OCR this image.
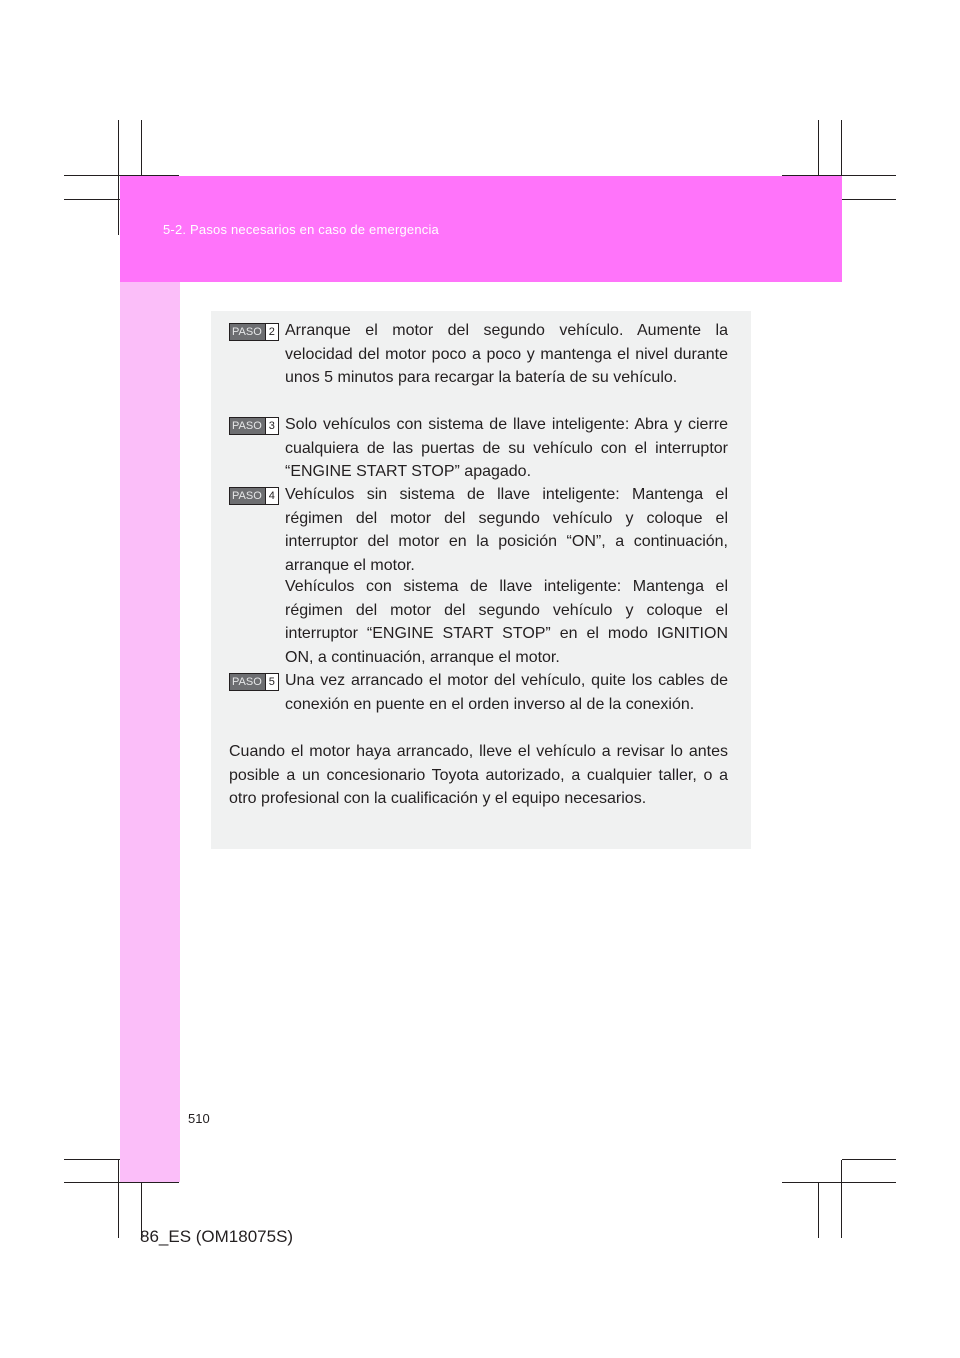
5-2. Pasos necesarios en caso de emergencia
PASO 2 Arranque el motor del segundo vehículo. Aumente la velocidad del motor poco a poco y mantenga el nivel durante unos 5 minutos para recargar la batería de su vehículo.
PASO 3 Solo vehículos con sistema de llave inteligente: Abra y cierre cualquiera de las puertas de su vehículo con el interruptor “ENGINE START STOP” apagado.
PASO 4 Vehículos sin sistema de llave inteligente: Mantenga el régimen del motor del segundo vehículo y coloque el interruptor del motor en la posición “ON”, a continuación, arranque el motor.
Vehículos con sistema de llave inteligente: Mantenga el régimen del motor del segundo vehículo y coloque el interruptor “ENGINE START STOP” en el modo IGNITION ON, a continuación, arranque el motor.
PASO 5 Una vez arrancado el motor del vehículo, quite los cables de conexión en puente en el orden inverso al de la conexión.
Cuando el motor haya arrancado, lleve el vehículo a revisar lo antes posible a un concesionario Toyota autorizado, a cualquier taller, o a otro profesional con la cualificación y el equipo necesarios.
510
86_ES (OM18075S)
